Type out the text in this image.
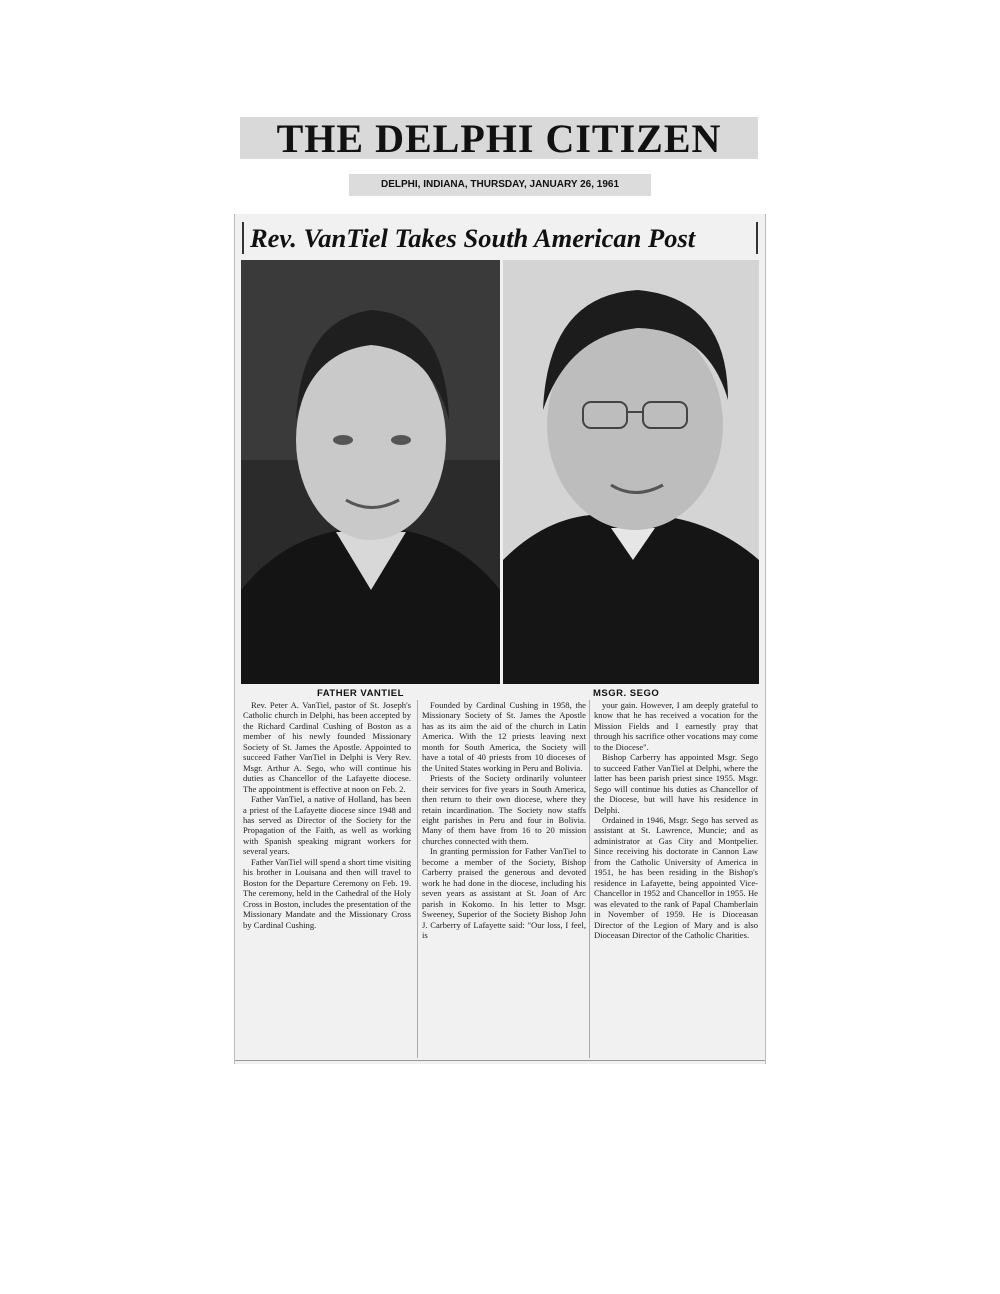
THE DELPHI CITIZEN
DELPHI, INDIANA, THURSDAY, JANUARY 26, 1961
Rev. VanTiel Takes South American Post
FATHER VANTIEL	MSGR. SEGO

Rev. Peter A. VanTiel, pastor of St. Joseph's Catholic church in Delphi, has been accepted by the Richard Cardinal Cushing of Boston as a member of his newly founded Missionary Society of St. James the Apostle. Appointed to succeed Father VanTiel in Delphi is Very Rev. Msgr. Arthur A. Sego, who will continue his duties as Chancellor of the Lafayette diocese. The appointment is effective at noon on Feb. 2.

Father VanTiel, a native of Holland, has been a priest of the Lafayette diocese since 1948 and has served as Director of the Society for the Propagation of the Faith, as well as working with Spanish speaking migrant workers for several years.

Father VanTiel will spend a short time visiting his brother in Louisana and then will travel to Boston for the Departure Ceremony on Feb. 19. The ceremony, held in the Cathedral of the Holy Cross in Boston, includes the presentation of the Missionary Mandate and the Missionary Cross by Cardinal Cushing.

Founded by Cardinal Cushing in 1958, the Missionary Society of St. James the Apostle has as its aim the aid of the church in Latin America. With the 12 priests leaving next month for South America, the Society will have a total of 40 priests from 10 dioceses of the United States working in Peru and Bolivia.

Priests of the Society ordinarily volunteer their services for five years in South America, then return to their own diocese, where they retain incardination. The Society now staffs eight parishes in Peru and four in Bolivia. Many of them have from 16 to 20 mission churches connected with them.

In granting permission for Father VanTiel to become a member of the Society, Bishop Carberry praised the generous and devoted work he had done in the diocese, including his seven years as assistant at St. Joan of Arc parish in Kokomo. In his letter to Msgr. Sweeney, Superior of the Society Bishop John J. Carberry of Lafayette said: "Our loss, I feel, is

your gain. However, I am deeply grateful to know that he has received a vocation for the Mission Fields and I earnestly pray that through his sacrifice other vocations may come to the Diocese".

Bishop Carberry has appointed Msgr. Sego to succeed Father VanTiel at Delphi, where the latter has been parish priest since 1955. Msgr. Sego will continue his duties as Chancellor of the Diocese, but will have his residence in Delphi.

Ordained in 1946, Msgr. Sego has served as assistant at St. Lawrence, Muncie; and as administrator at Gas City and Montpelier. Since receiving his doctorate in Cannon Law from the Catholic University of America in 1951, he has been residing in the Bishop's residence in Lafayette, being appointed Vice-Chancellor in 1952 and Chancellor in 1955. He was elevated to the rank of Papal Chamberlain in November of 1959. He is Dioceasan Director of the Legion of Mary and is also Dioceasan Director of the Catholic Charities.
